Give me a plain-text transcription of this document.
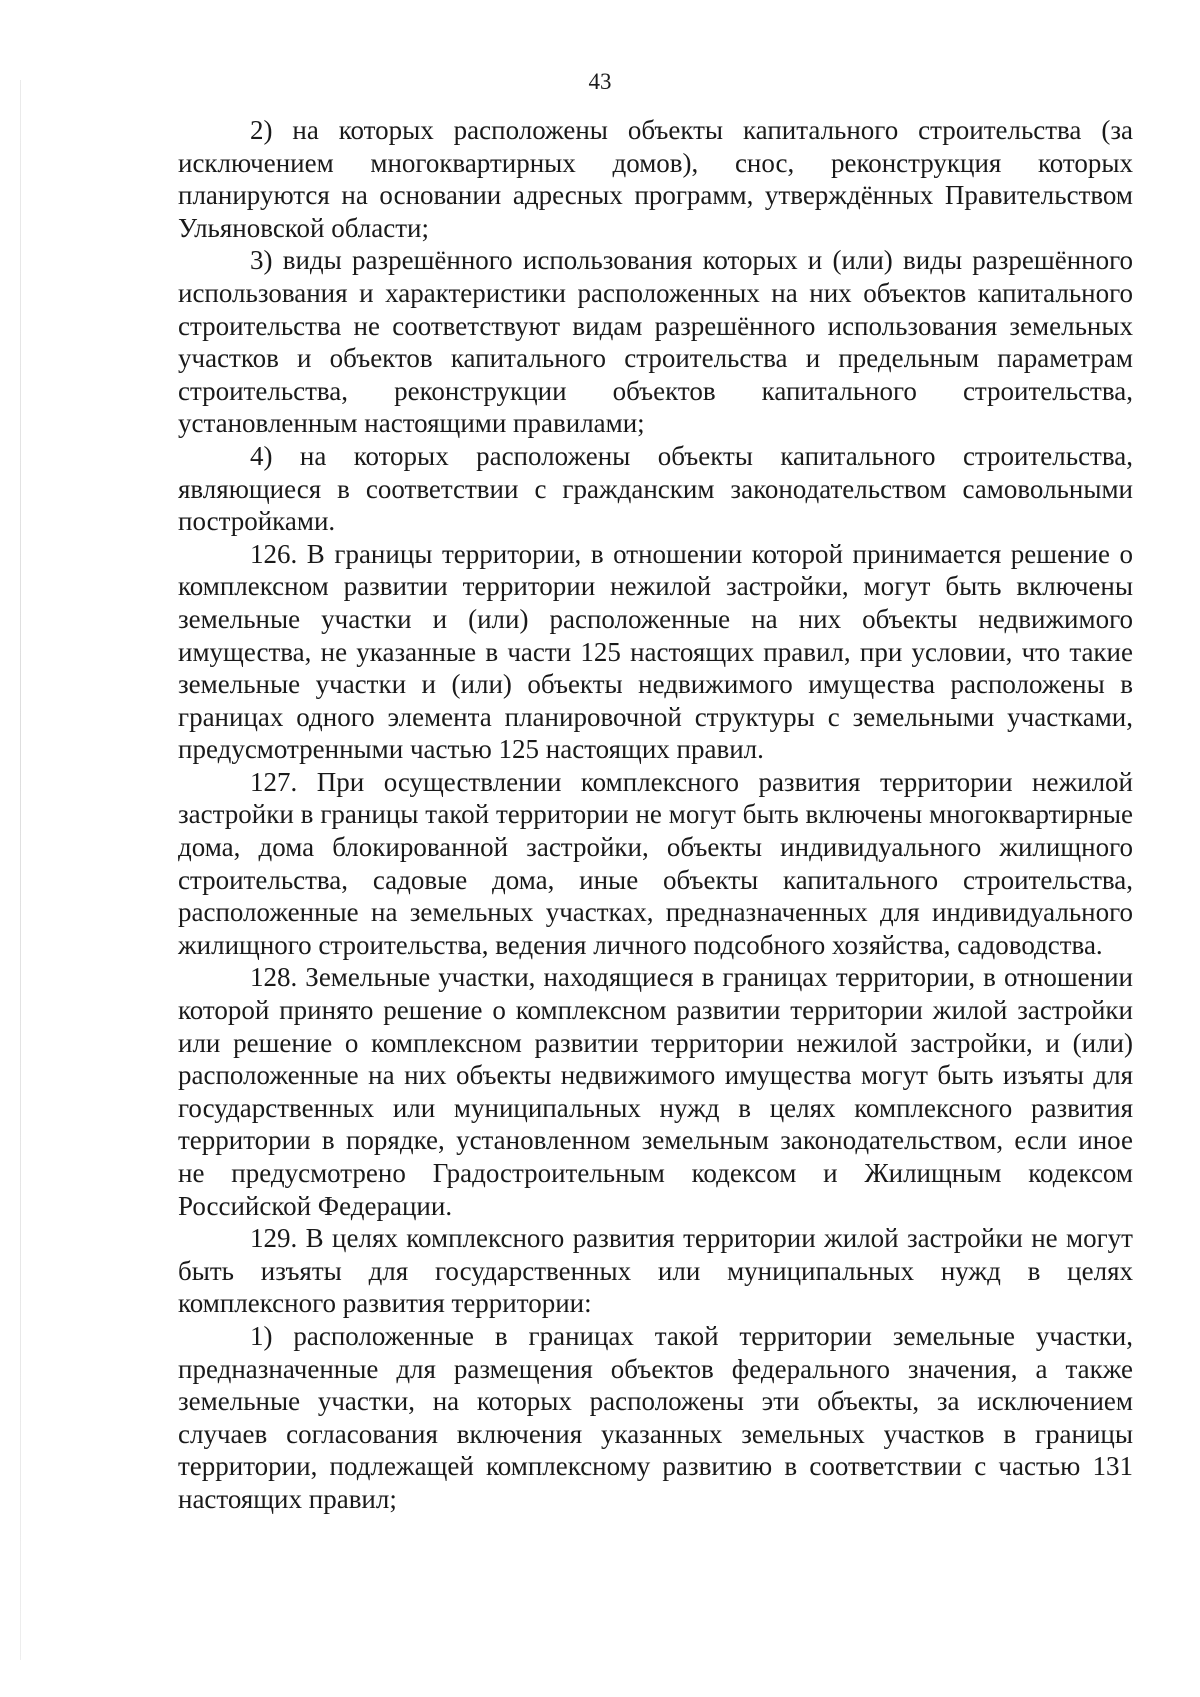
43

2) на которых расположены объекты капитального строительства (за исключением многоквартирных домов), снос, реконструкция которых планируются на основании адресных программ, утверждённых Правительством Ульяновской области;

3) виды разрешённого использования которых и (или) виды разрешённого использования и характеристики расположенных на них объектов капитального строительства не соответствуют видам разрешённого использования земельных участков и объектов капитального строительства и предельным параметрам строительства, реконструкции объектов капитального строительства, установленным настоящими правилами;

4) на которых расположены объекты капитального строительства, являющиеся в соответствии с гражданским законодательством самовольными постройками.

126. В границы территории, в отношении которой принимается решение о комплексном развитии территории нежилой застройки, могут быть включены земельные участки и (или) расположенные на них объекты недвижимого имущества, не указанные в части 125 настоящих правил, при условии, что такие земельные участки и (или) объекты недвижимого имущества расположены в границах одного элемента планировочной структуры с земельными участками, предусмотренными частью 125 настоящих правил.

127. При осуществлении комплексного развития территории нежилой застройки в границы такой территории не могут быть включены многоквартирные дома, дома блокированной застройки, объекты индивидуального жилищного строительства, садовые дома, иные объекты капитального строительства, расположенные на земельных участках, предназначенных для индивидуального жилищного строительства, ведения личного подсобного хозяйства, садоводства.

128. Земельные участки, находящиеся в границах территории, в отношении которой принято решение о комплексном развитии территории жилой застройки или решение о комплексном развитии территории нежилой застройки, и (или) расположенные на них объекты недвижимого имущества могут быть изъяты для государственных или муниципальных нужд в целях комплексного развития территории в порядке, установленном земельным законодательством, если иное не предусмотрено Градостроительным кодексом и Жилищным кодексом Российской Федерации.

129. В целях комплексного развития территории жилой застройки не могут быть изъяты для государственных или муниципальных нужд в целях комплексного развития территории:

1) расположенные в границах такой территории земельные участки, предназначенные для размещения объектов федерального значения, а также земельные участки, на которых расположены эти объекты, за исключением случаев согласования включения указанных земельных участков в границы территории, подлежащей комплексному развитию в соответствии с частью 131 настоящих правил;
